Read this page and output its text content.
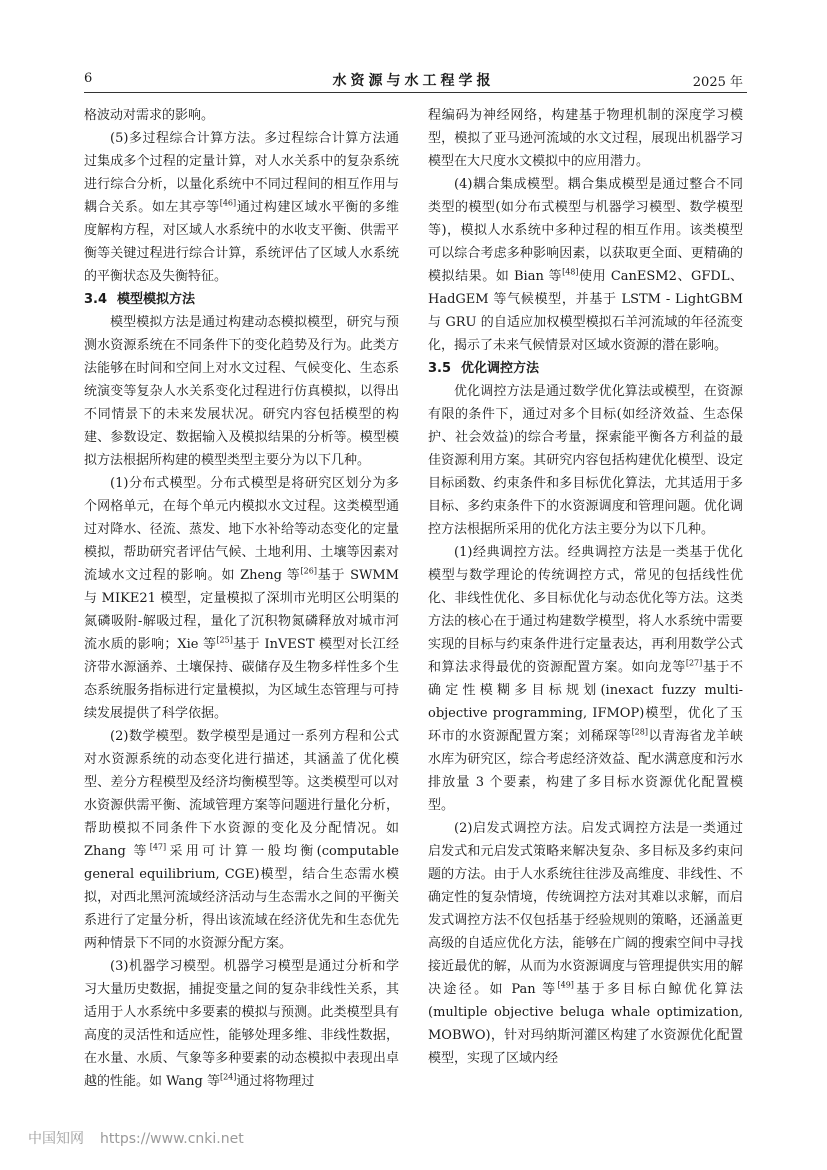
6	水资源与水工程学报	2025 年

格波动对需求的影响。

(5)多过程综合计算方法。多过程综合计算方法通过集成多个过程的定量计算，对人水关系中的复杂系统进行综合分析，以量化系统中不同过程间的相互作用与耦合关系。如左其亭等[46]通过构建区域水平衡的多维度解构方程，对区域人水系统中的水收支平衡、供需平衡等关键过程进行综合计算，系统评估了区域人水系统的平衡状态及失衡特征。

3.4 模型模拟方法

模型模拟方法是通过构建动态模拟模型，研究与预测水资源系统在不同条件下的变化趋势及行为。此类方法能够在时间和空间上对水文过程、气候变化、生态系统演变等复杂人水关系变化过程进行仿真模拟，以得出不同情景下的未来发展状况。研究内容包括模型的构建、参数设定、数据输入及模拟结果的分析等。模型模拟方法根据所构建的模型类型主要分为以下几种。

(1)分布式模型。分布式模型是将研究区划分为多个网格单元，在每个单元内模拟水文过程。这类模型通过对降水、径流、蒸发、地下水补给等动态变化的定量模拟，帮助研究者评估气候、土地利用、土壤等因素对流域水文过程的影响。如 Zheng 等[26]基于 SWMM 与 MIKE21 模型，定量模拟了深圳市光明区公明渠的氮磷吸附-解吸过程，量化了沉积物氮磷释放对城市河流水质的影响；Xie 等[25]基于 InVEST 模型对长江经济带水源涵养、土壤保持、碳储存及生物多样性多个生态系统服务指标进行定量模拟，为区域生态管理与可持续发展提供了科学依据。

(2)数学模型。数学模型是通过一系列方程和公式对水资源系统的动态变化进行描述，其涵盖了优化模型、差分方程模型及经济均衡模型等。这类模型可以对水资源供需平衡、流域管理方案等问题进行量化分析，帮助模拟不同条件下水资源的变化及分配情况。如 Zhang 等[47]采用可计算一般均衡(computable general equilibrium, CGE)模型，结合生态需水模拟，对西北黑河流域经济活动与生态需水之间的平衡关系进行了定量分析，得出该流域在经济优先和生态优先两种情景下不同的水资源分配方案。

(3)机器学习模型。机器学习模型是通过分析和学习大量历史数据，捕捉变量之间的复杂非线性关系，其适用于人水系统中多要素的模拟与预测。此类模型具有高度的灵活性和适应性，能够处理多维、非线性数据，在水量、水质、气象等多种要素的动态模拟中表现出卓越的性能。如 Wang 等[24]通过将物理过

程编码为神经网络，构建基于物理机制的深度学习模型，模拟了亚马逊河流域的水文过程，展现出机器学习模型在大尺度水文模拟中的应用潜力。

(4)耦合集成模型。耦合集成模型是通过整合不同类型的模型(如分布式模型与机器学习模型、数学模型等)，模拟人水系统中多种过程的相互作用。该类模型可以综合考虑多种影响因素，以获取更全面、更精确的模拟结果。如 Bian 等[48]使用 CanESM2、GFDL、HadGEM 等气候模型，并基于 LSTM - LightGBM 与 GRU 的自适应加权模型模拟石羊河流域的年径流变化，揭示了未来气候情景对区域水资源的潜在影响。

3.5 优化调控方法

优化调控方法是通过数学优化算法或模型，在资源有限的条件下，通过对多个目标(如经济效益、生态保护、社会效益)的综合考量，探索能平衡各方利益的最佳资源利用方案。其研究内容包括构建优化模型、设定目标函数、约束条件和多目标优化算法，尤其适用于多目标、多约束条件下的水资源调度和管理问题。优化调控方法根据所采用的优化方法主要分为以下几种。

(1)经典调控方法。经典调控方法是一类基于优化模型与数学理论的传统调控方式，常见的包括线性优化、非线性优化、多目标优化与动态优化等方法。这类方法的核心在于通过构建数学模型，将人水系统中需要实现的目标与约束条件进行定量表达，再利用数学公式和算法求得最优的资源配置方案。如向龙等[27]基于不确定性模糊多目标规划(inexact fuzzy multi-objective programming, IFMOP)模型，优化了玉环市的水资源配置方案；刘稀琛等[28]以青海省龙羊峡水库为研究区，综合考虑经济效益、配水满意度和污水排放量 3 个要素，构建了多目标水资源优化配置模型。

(2)启发式调控方法。启发式调控方法是一类通过启发式和元启发式策略来解决复杂、多目标及多约束问题的方法。由于人水系统往往涉及高维度、非线性、不确定性的复杂情境，传统调控方法对其难以求解，而启发式调控方法不仅包括基于经验规则的策略，还涵盖更高级的自适应优化方法，能够在广阔的搜索空间中寻找接近最优的解，从而为水资源调度与管理提供实用的解决途径。如 Pan 等[49]基于多目标白鲸优化算法(multiple objective beluga whale optimization, MOBWO)，针对玛纳斯河灌区构建了水资源优化配置模型，实现了区域内经

中国知网 https://www.cnki.net
